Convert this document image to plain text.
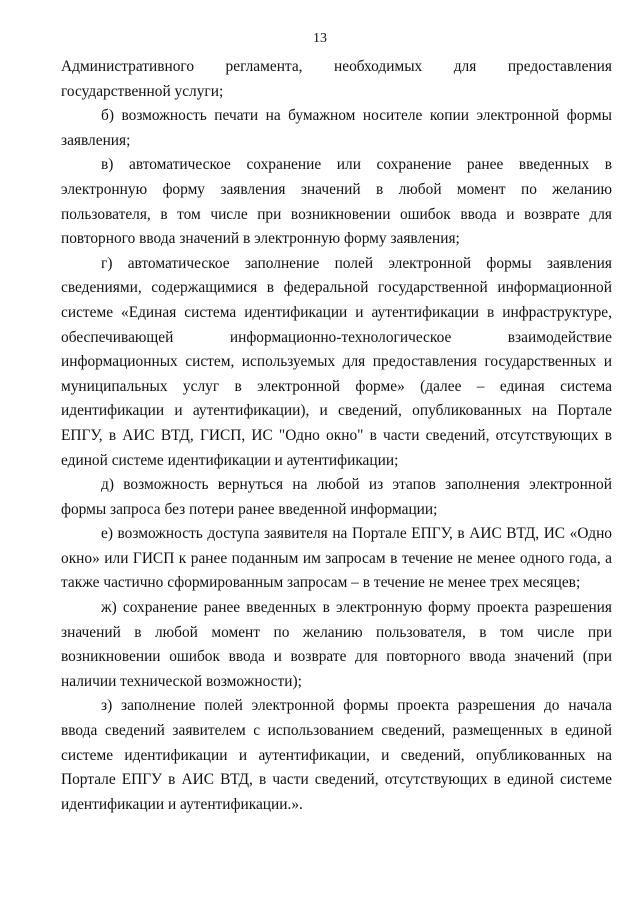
13

Административного регламента, необходимых для предоставления государственной услуги;

б) возможность печати на бумажном носителе копии электронной формы заявления;

в) автоматическое сохранение или сохранение ранее введенных в электронную форму заявления значений в любой момент по желанию пользователя, в том числе при возникновении ошибок ввода и возврате для повторного ввода значений в электронную форму заявления;

г) автоматическое заполнение полей электронной формы заявления сведениями, содержащимися в федеральной государственной информационной системе «Единая система идентификации и аутентификации в инфраструктуре, обеспечивающей информационно-технологическое взаимодействие информационных систем, используемых для предоставления государственных и муниципальных услуг в электронной форме» (далее – единая система идентификации и аутентификации), и сведений, опубликованных на Портале ЕПГУ, в АИС ВТД, ГИСП, ИС "Одно окно" в части сведений, отсутствующих в единой системе идентификации и аутентификации;

д) возможность вернуться на любой из этапов заполнения электронной формы запроса без потери ранее введенной информации;

е) возможность доступа заявителя на Портале ЕПГУ, в АИС ВТД, ИС «Одно окно» или ГИСП к ранее поданным им запросам в течение не менее одного года, а также частично сформированным запросам – в течение не менее трех месяцев;

ж) сохранение ранее введенных в электронную форму проекта разрешения значений в любой момент по желанию пользователя, в том числе при возникновении ошибок ввода и возврате для повторного ввода значений (при наличии технической возможности);

з) заполнение полей электронной формы проекта разрешения до начала ввода сведений заявителем с использованием сведений, размещенных в единой системе идентификации и аутентификации, и сведений, опубликованных на Портале ЕПГУ в АИС ВТД, в части сведений, отсутствующих в единой системе идентификации и аутентификации.».
